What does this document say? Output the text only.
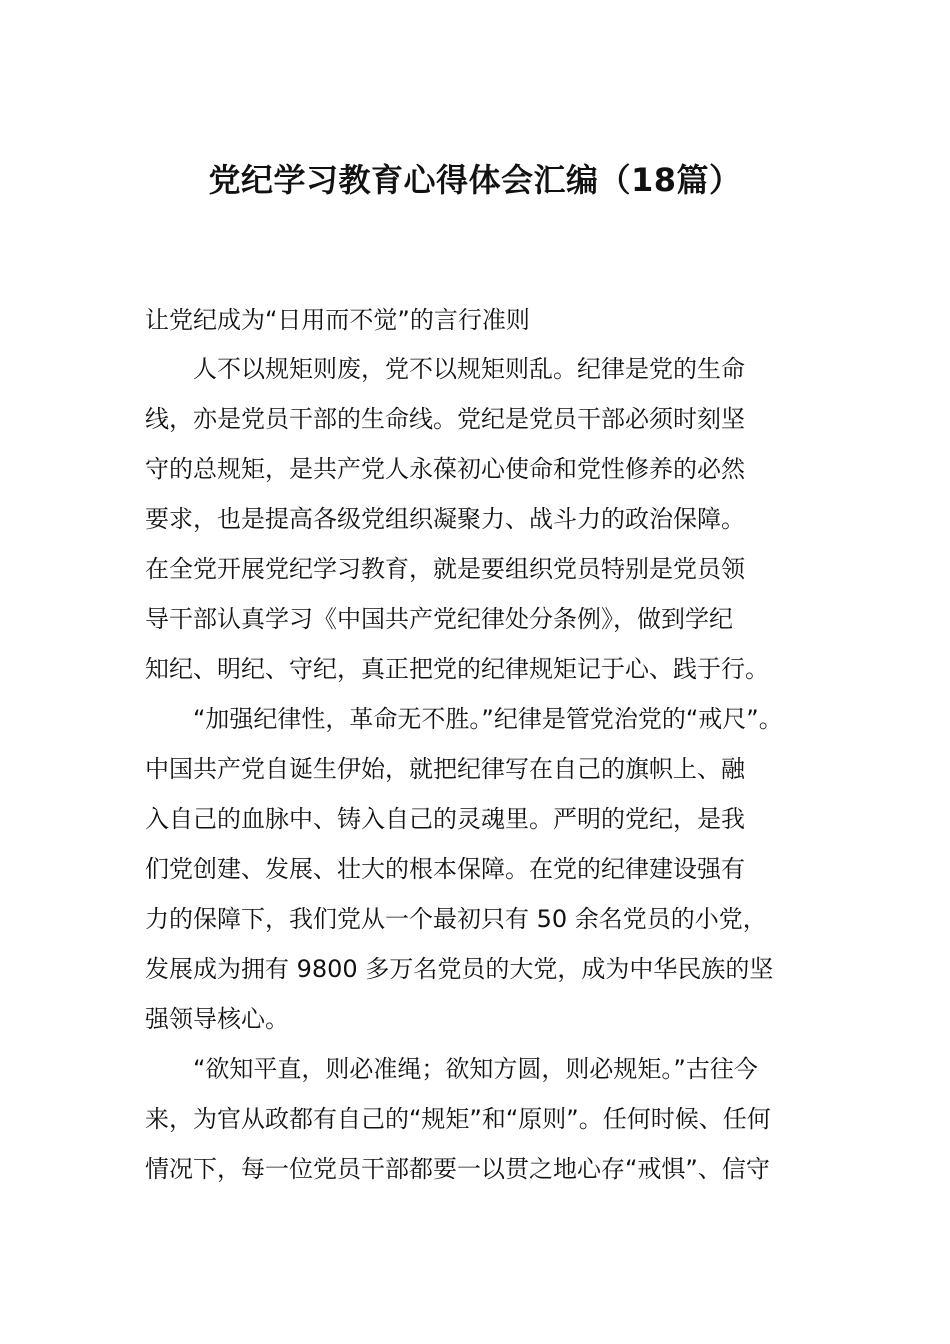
党纪学习教育心得体会汇编（18篇）
让党纪成为“日用而不觉”的言行准则
人不以规矩则废，党不以规矩则乱。纪律是党的生命
线，亦是党员干部的生命线。党纪是党员干部必须时刻坚
守的总规矩，是共产党人永葆初心使命和党性修养的必然
要求，也是提高各级党组织凝聚力、战斗力的政治保障。
在全党开展党纪学习教育，就是要组织党员特别是党员领
导干部认真学习《中国共产党纪律处分条例》，做到学纪
知纪、明纪、守纪，真正把党的纪律规矩记于心、践于行。
“加强纪律性，革命无不胜。”纪律是管党治党的“戒尺”。
中国共产党自诞生伊始，就把纪律写在自己的旗帜上、融
入自己的血脉中、铸入自己的灵魂里。严明的党纪，是我
们党创建、发展、壮大的根本保障。在党的纪律建设强有
力的保障下，我们党从一个最初只有 50 余名党员的小党，
发展成为拥有 9800 多万名党员的大党，成为中华民族的坚
强领导核心。
“欲知平直，则必准绳；欲知方圆，则必规矩。”古往今
来，为官从政都有自己的“规矩”和“原则”。任何时候、任何
情况下，每一位党员干部都要一以贯之地心存“戒惧”、信守
